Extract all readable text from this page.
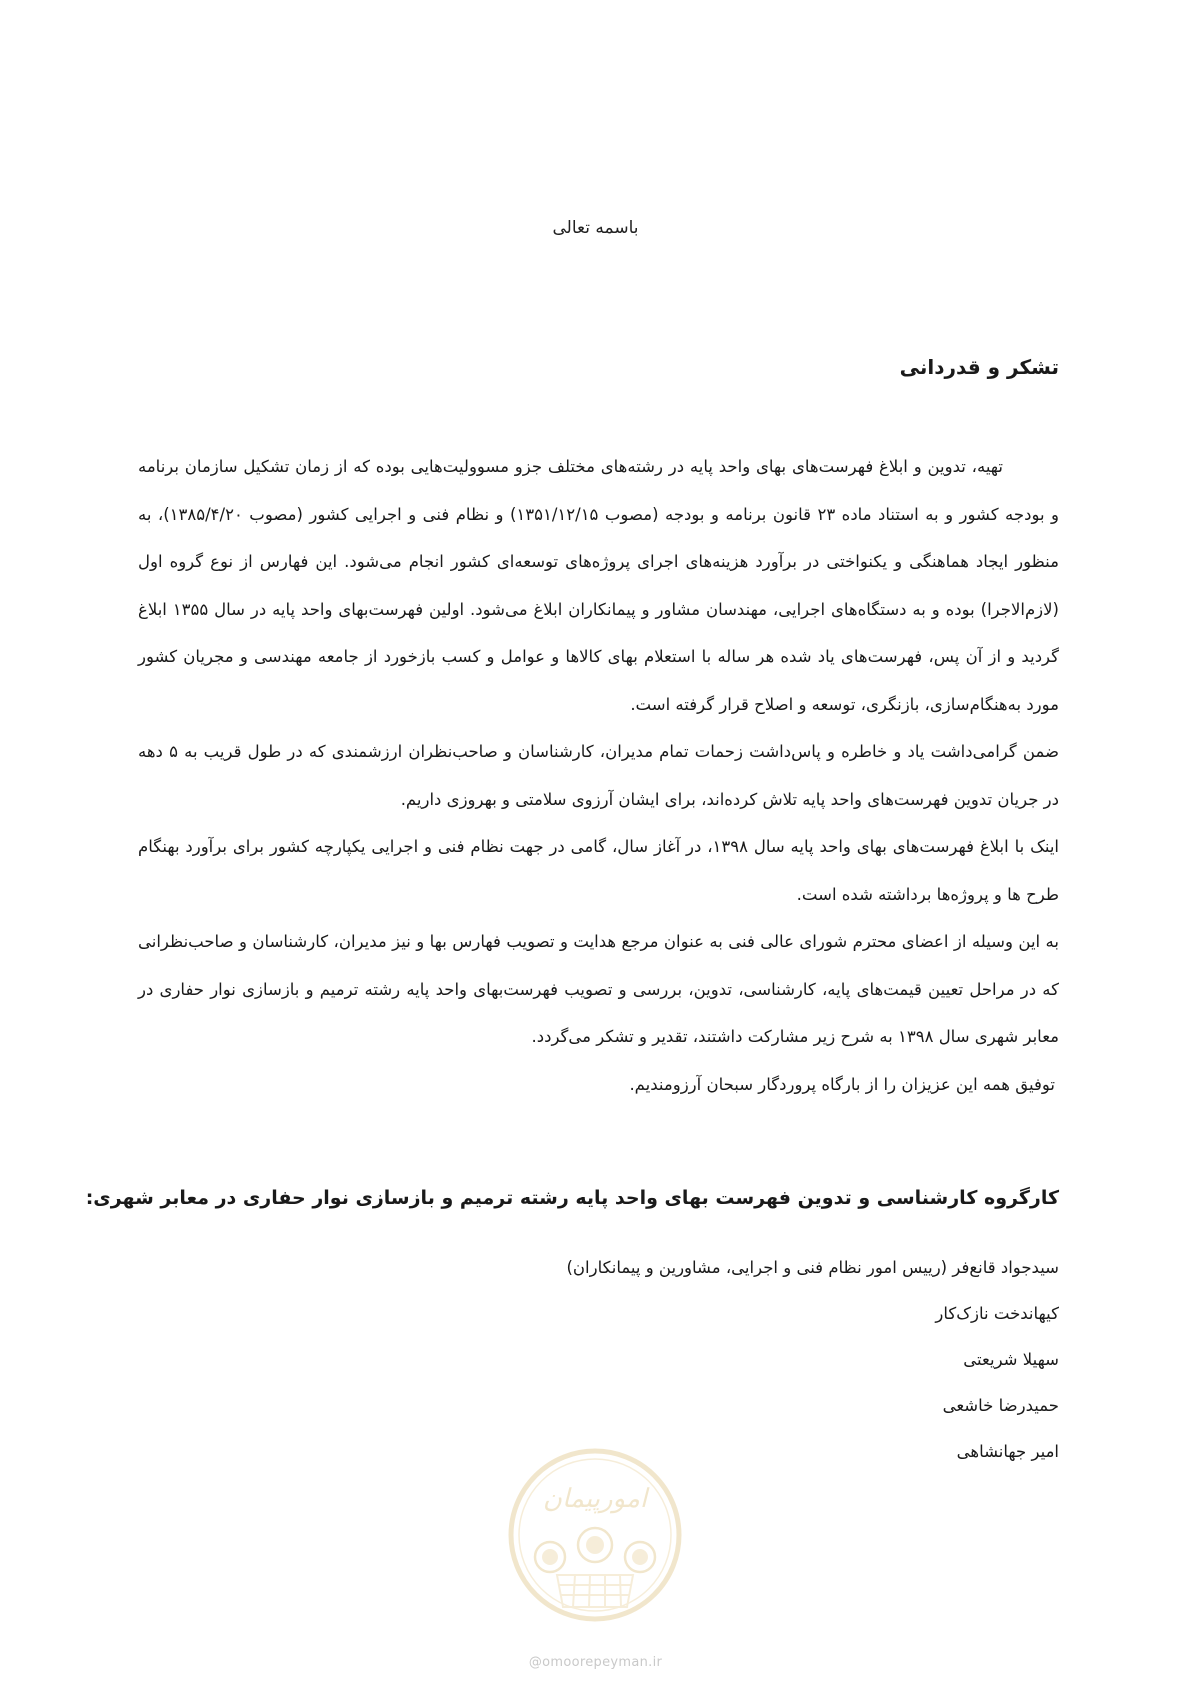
باسمه تعالی
تشکر و قدردانی

تهیه، تدوین و ابلاغ فهرست‌های بهای واحد پایه در رشته‌های مختلف جزو مسوولیت‌هایی بوده که از زمان تشکیل سازمان برنامه و بودجه کشور و به استناد ماده ۲۳ قانون برنامه و بودجه (مصوب ۱۳۵۱/۱۲/۱۵) و نظام فنی و اجرایی کشور (مصوب ۱۳۸۵/۴/۲۰)، به منظور ایجاد هماهنگی و یکنواختی در برآورد هزینه‌های اجرای پروژه‌های توسعه‌ای کشور انجام می‌شود. این فهارس از نوع گروه اول (لازم‌الاجرا) بوده و به دستگاه‌های اجرایی، مهندسان مشاور و پیمانکاران ابلاغ می‌شود. اولین فهرست‌بهای واحد پایه در سال ۱۳۵۵ ابلاغ گردید و از آن پس، فهرست‌های یاد شده هر ساله با استعلام بهای کالاها و عوامل و کسب بازخورد از جامعه مهندسی و مجریان کشور مورد به‌هنگام‌سازی، بازنگری، توسعه و اصلاح قرار گرفته است.

ضمن گرامی‌داشت یاد و خاطره و پاس‌داشت زحمات تمام مدیران، کارشناسان و صاحب‌نظران ارزشمندی که در طول قریب به ۵ دهه در جریان تدوین فهرست‌های واحد پایه تلاش کرده‌اند، برای ایشان آرزوی سلامتی و بهروزی داریم.

اینک با ابلاغ فهرست‌های بهای واحد پایه سال ۱۳۹۸، در آغاز سال، گامی در جهت نظام فنی و اجرایی یکپارچه کشور برای برآورد بهنگام طرح ها و پروژه‌ها برداشته شده است.

به این وسیله از اعضای محترم شورای عالی فنی به عنوان مرجع هدایت و تصویب فهارس بها و نیز مدیران، کارشناسان و صاحب‌نظرانی که در مراحل تعیین قیمت‌های پایه، کارشناسی، تدوین، بررسی و تصویب فهرست‌بهای واحد پایه رشته ترمیم و بازسازی نوار حفاری در معابر شهری سال ۱۳۹۸ به شرح زیر مشارکت داشتند، تقدیر و تشکر می‌گردد.

توفیق همه این عزیزان را از بارگاه پروردگار سبحان آرزومندیم.

کارگروه کارشناسی و تدوین فهرست بهای واحد پایه رشته ترمیم و بازسازی نوار حفاری در معابر شهری:
سیدجواد قانع‌فر (رییس امور نظام فنی و اجرایی، مشاورین و پیمانکاران)
کیهاندخت نازک‌کار
سهیلا شریعتی
حمیدرضا خاشعی
امیر جهانشاهی
امورپیمان
@omoorepeyman.ir
